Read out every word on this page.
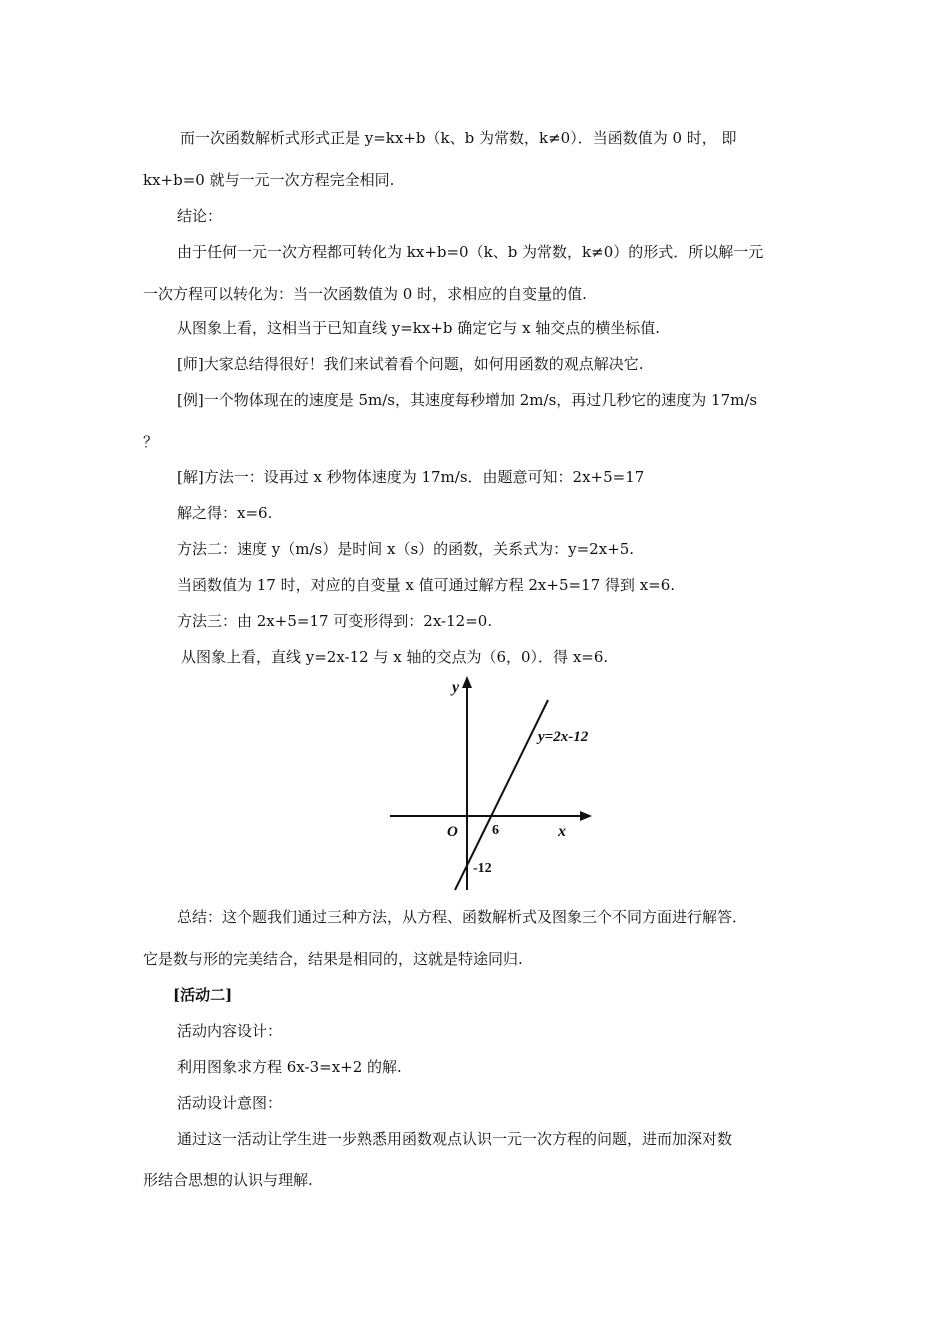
而一次函数解析式形式正是 y=kx+b（k、b 为常数，k≠0）．当函数值为 0 时， 即
kx+b=0 就与一元一次方程完全相同.
结论：
由于任何一元一次方程都可转化为 kx+b=0（k、b 为常数，k≠0）的形式．所以解一元
一次方程可以转化为：当一次函数值为 0 时，求相应的自变量的值.
从图象上看，这相当于已知直线 y=kx+b 确定它与 x 轴交点的横坐标值.
[师]大家总结得很好！我们来试着看个问题，如何用函数的观点解决它.
[例]一个物体现在的速度是 5m/s，其速度每秒增加 2m/s，再过几秒它的速度为 17m/s
？
[解]方法一：设再过 x 秒物体速度为 17m/s．由题意可知：2x+5=17
解之得：x=6.
方法二：速度 y（m/s）是时间 x（s）的函数，关系式为：y=2x+5.
当函数值为 17 时，对应的自变量 x 值可通过解方程 2x+5=17 得到 x=6.
方法三：由 2x+5=17 可变形得到：2x-12=0.
从图象上看，直线 y=2x-12 与 x 轴的交点为（6，0）．得 x=6.
y
x
O 6
-12
y=2x-12
总结：这个题我们通过三种方法，从方程、函数解析式及图象三个不同方面进行解答．
它是数与形的完美结合，结果是相同的，这就是特途同归.
[活动二]
活动内容设计：
利用图象求方程 6x-3=x+2 的解.
活动设计意图：
通过这一活动让学生进一步熟悉用函数观点认识一元一次方程的问题，进而加深对数
形结合思想的认识与理解.
